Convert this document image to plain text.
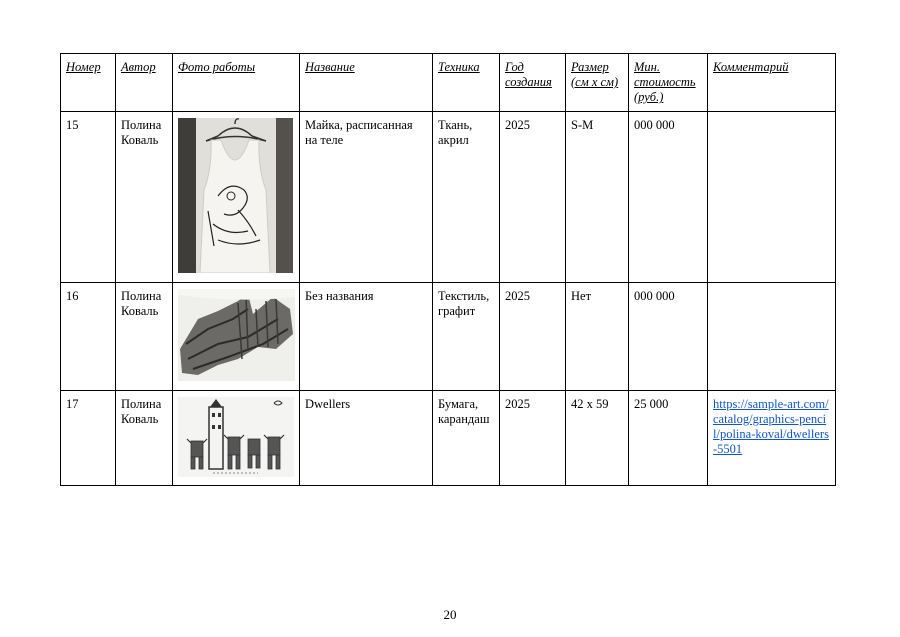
Номер	Автор	Фото работы	Название	Техника	Год создания	Размер (см x см)	Мин. стоимость (руб.)	Комментарий
15	Полина Коваль		Майка, расписанная на теле	Ткань, акрил	2025	S-M	000 000	
16	Полина Коваль		Без названия	Текстиль, графит	2025	Нет	000 000	
17	Полина Коваль		Dwellers	Бумага, карандаш	2025	42 x 59	25 000	https://sample-art.com/catalog/graphics-pencil/polina-koval/dwellers-5501
20
